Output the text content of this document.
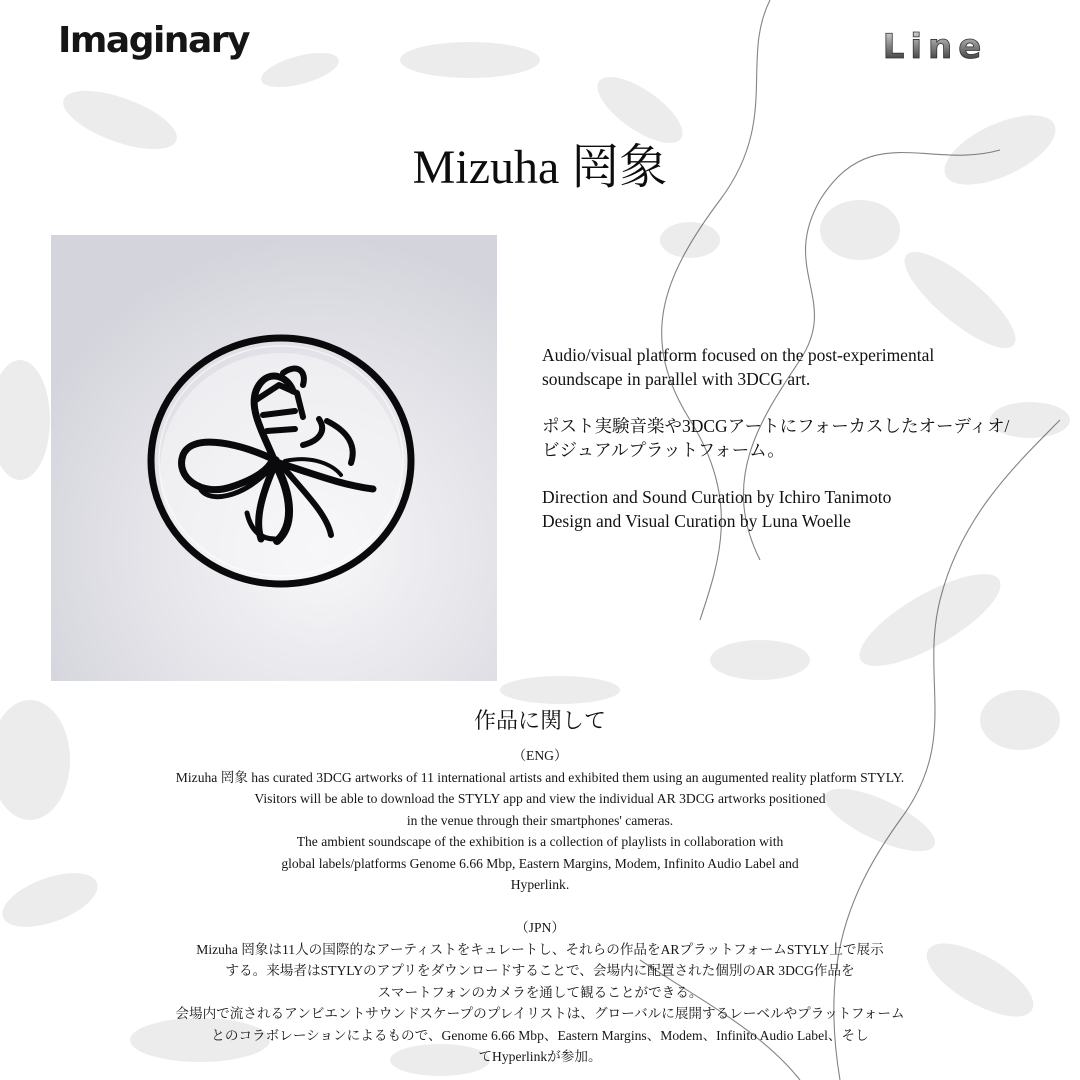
Imaginary	Line
Mizuha 罔象

Audio/visual platform focused on the post-experimental
soundscape in parallel with 3DCG art.

ポスト実験音楽や3DCGアートにフォーカスしたオーディオ/
ビジュアルプラットフォーム。

Direction and Sound Curation by Ichiro Tanimoto
Design and Visual Curation by Luna Woelle

作品に関して
（ENG）
Mizuha 罔象 has curated 3DCG artworks of 11 international artists and exhibited them using an augumented reality platform STYLY.
Visitors will be able to download the STYLY app and view the individual AR 3DCG artworks positioned
in the venue through their smartphones' cameras.
The ambient soundscape of the exhibition is a collection of playlists in collaboration with
global labels/platforms Genome 6.66 Mbp, Eastern Margins, Modem, Infinito Audio Label and
Hyperlink.
（JPN）
Mizuha 罔象は11人の国際的なアーティストをキュレートし、それらの作品をARプラットフォームSTYLY上で展示
する。来場者はSTYLYのアプリをダウンロードすることで、会場内に配置された個別のAR 3DCG作品を
スマートフォンのカメラを通して観ることができる。
会場内で流されるアンビエントサウンドスケープのプレイリストは、グローバルに展開するレーベルやプラットフォーム
とのコラボレーションによるもので、Genome 6.66 Mbp、Eastern Margins、Modem、Infinito Audio Label、そし
てHyperlinkが参加。
